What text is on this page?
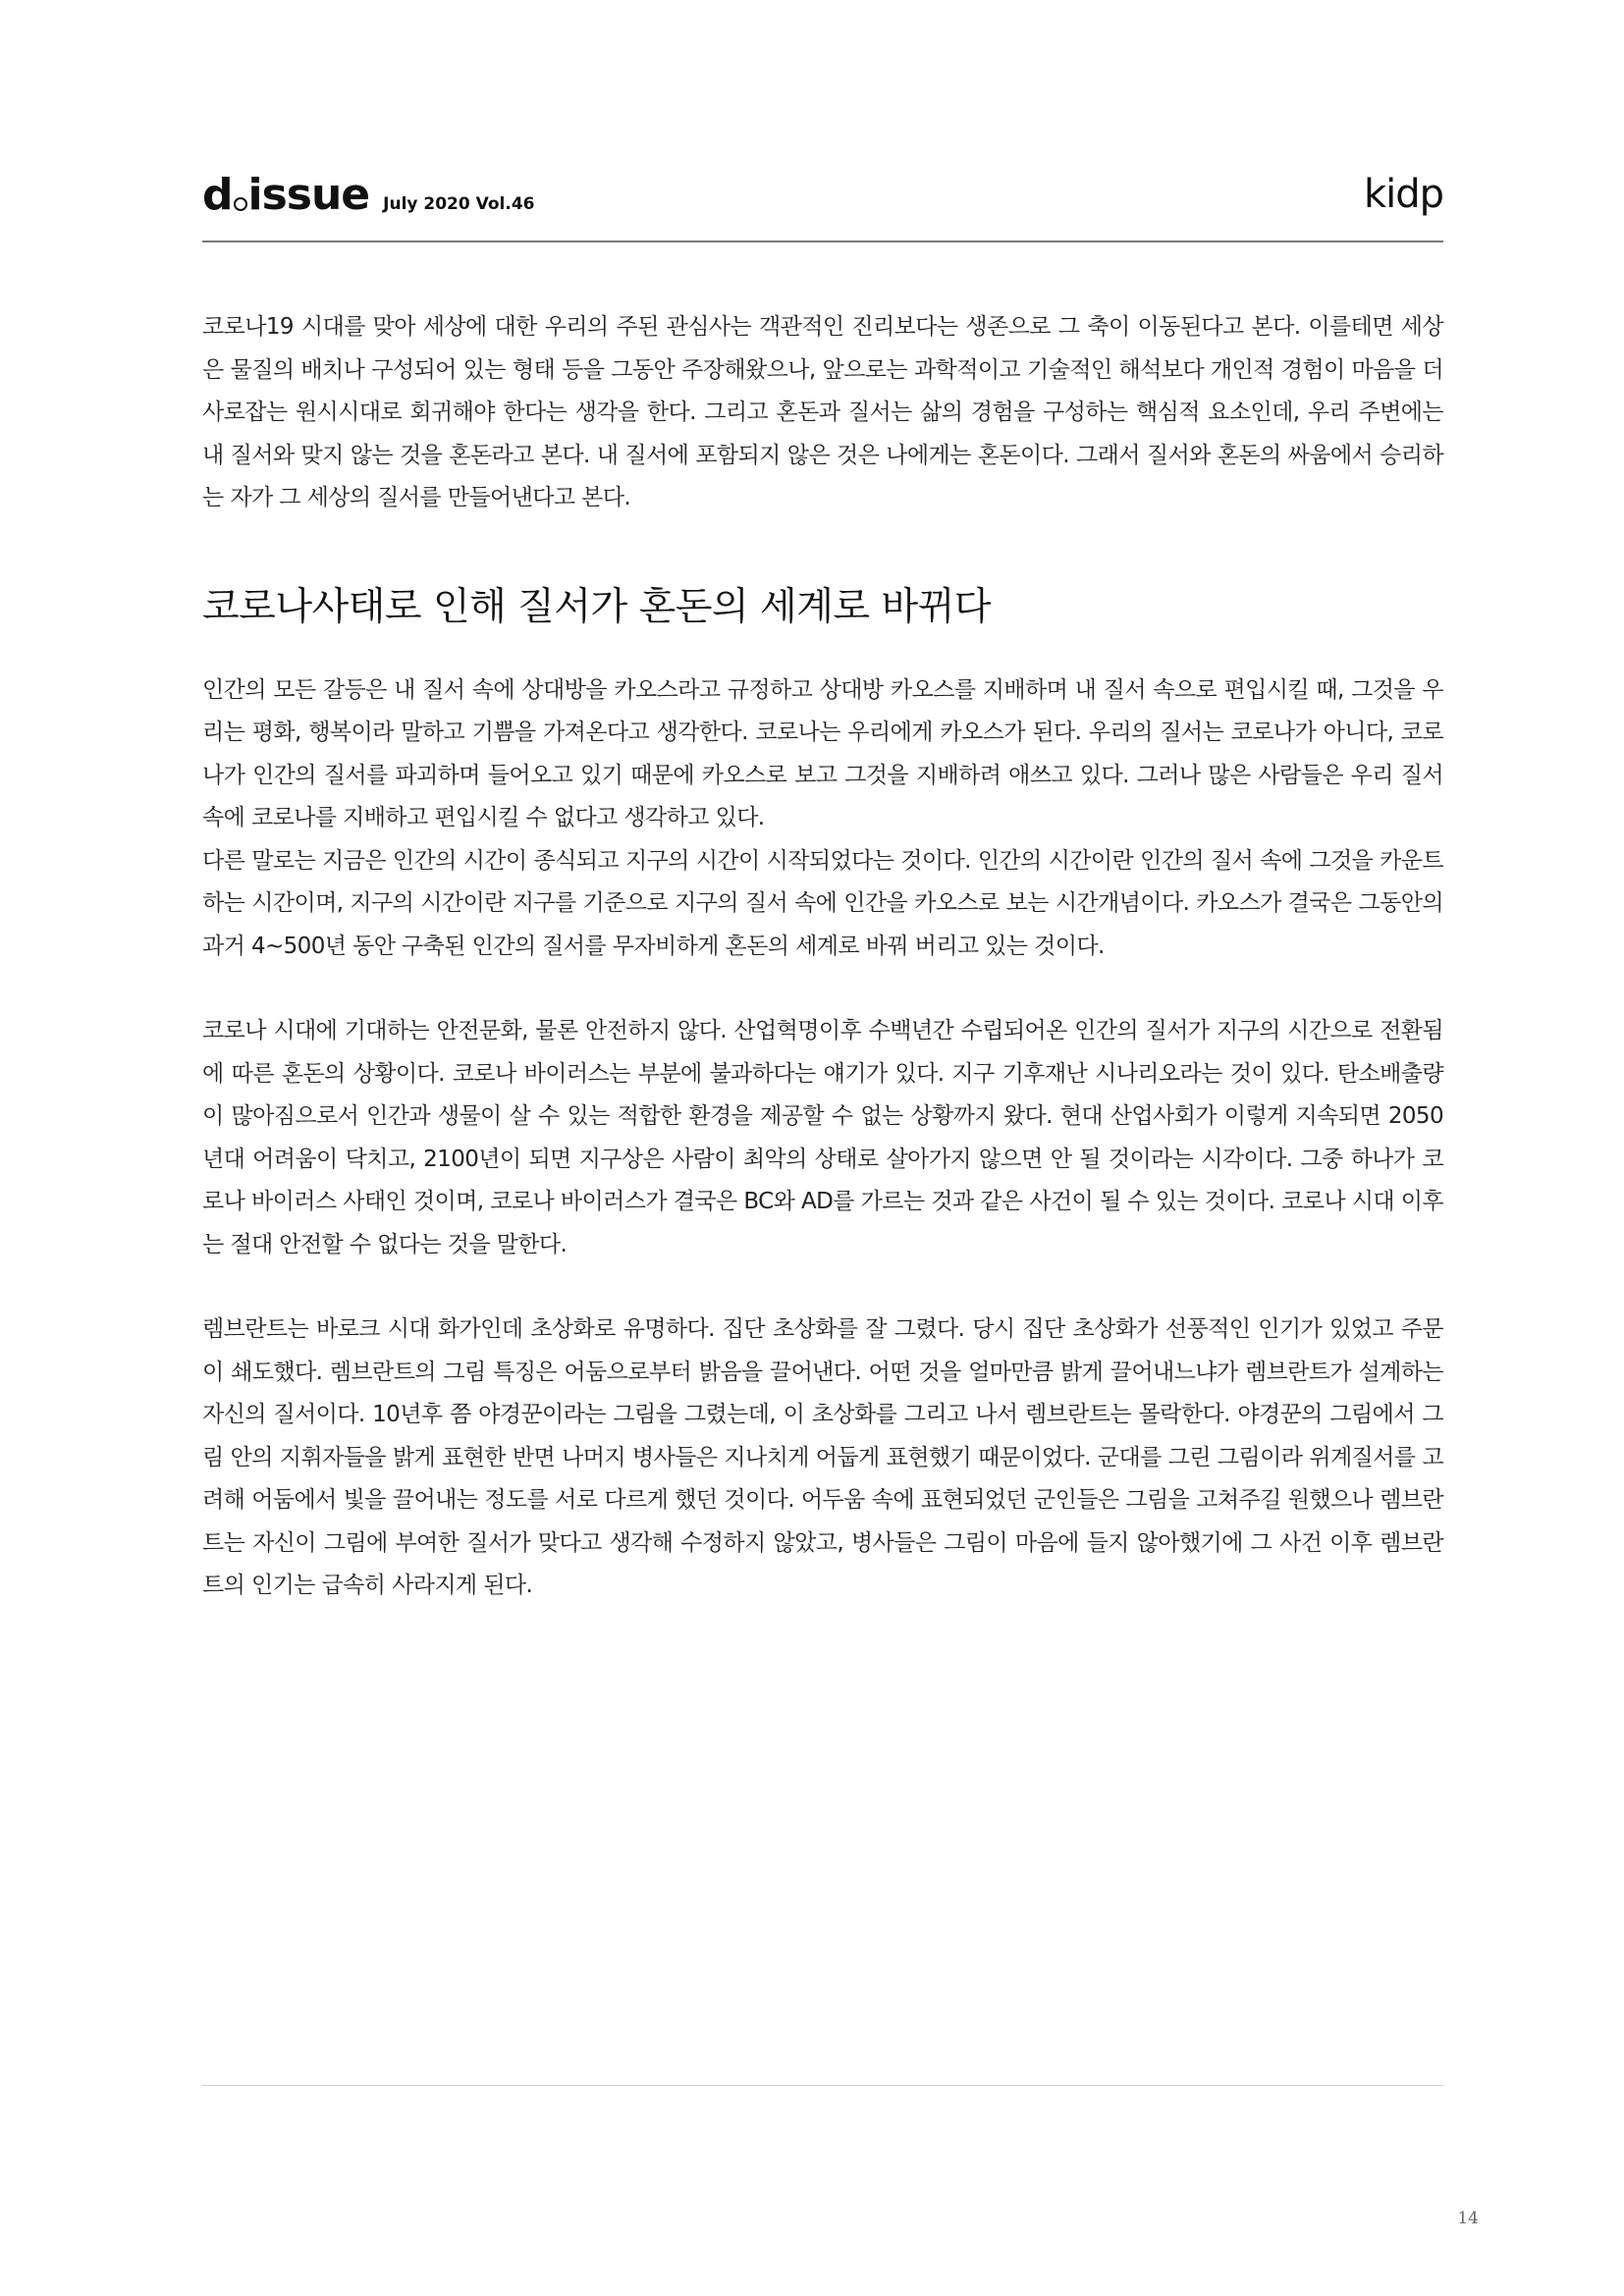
d issue July 2020 Vol.46	kidp

코로나19 시대를 맞아 세상에 대한 우리의 주된 관심사는 객관적인 진리보다는 생존으로 그 축이 이동된다고 본다. 이를테면 세상은 물질의 배치나 구성되어 있는 형태 등을 그동안 주장해왔으나, 앞으로는 과학적이고 기술적인 해석보다 개인적 경험이 마음을 더 사로잡는 원시시대로 회귀해야 한다는 생각을 한다. 그리고 혼돈과 질서는 삶의 경험을 구성하는 핵심적 요소인데, 우리 주변에는 내 질서와 맞지 않는 것을 혼돈라고 본다. 내 질서에 포함되지 않은 것은 나에게는 혼돈이다. 그래서 질서와 혼돈의 싸움에서 승리하는 자가 그 세상의 질서를 만들어낸다고 본다.

코로나사태로 인해 질서가 혼돈의 세계로 바뀌다

인간의 모든 갈등은 내 질서 속에 상대방을 카오스라고 규정하고 상대방 카오스를 지배하며 내 질서 속으로 편입시킬 때, 그것을 우리는 평화, 행복이라 말하고 기쁨을 가져온다고 생각한다. 코로나는 우리에게 카오스가 된다. 우리의 질서는 코로나가 아니다, 코로나가 인간의 질서를 파괴하며 들어오고 있기 때문에 카오스로 보고 그것을 지배하려 애쓰고 있다. 그러나 많은 사람들은 우리 질서 속에 코로나를 지배하고 편입시킬 수 없다고 생각하고 있다.

다른 말로는 지금은 인간의 시간이 종식되고 지구의 시간이 시작되었다는 것이다. 인간의 시간이란 인간의 질서 속에 그것을 카운트하는 시간이며, 지구의 시간이란 지구를 기준으로 지구의 질서 속에 인간을 카오스로 보는 시간개념이다. 카오스가 결국은 그동안의 과거 4~500년 동안 구축된 인간의 질서를 무자비하게 혼돈의 세계로 바꿔 버리고 있는 것이다.

코로나 시대에 기대하는 안전문화, 물론 안전하지 않다. 산업혁명이후 수백년간 수립되어온 인간의 질서가 지구의 시간으로 전환됨에 따른 혼돈의 상황이다. 코로나 바이러스는 부분에 불과하다는 얘기가 있다. 지구 기후재난 시나리오라는 것이 있다. 탄소배출량이 많아짐으로서 인간과 생물이 살 수 있는 적합한 환경을 제공할 수 없는 상황까지 왔다. 현대 산업사회가 이렇게 지속되면 2050년대 어려움이 닥치고, 2100년이 되면 지구상은 사람이 최악의 상태로 살아가지 않으면 안 될 것이라는 시각이다. 그중 하나가 코로나 바이러스 사태인 것이며, 코로나 바이러스가 결국은 BC와 AD를 가르는 것과 같은 사건이 될 수 있는 것이다. 코로나 시대 이후는 절대 안전할 수 없다는 것을 말한다.

렘브란트는 바로크 시대 화가인데 초상화로 유명하다. 집단 초상화를 잘 그렸다. 당시 집단 초상화가 선풍적인 인기가 있었고 주문이 쇄도했다. 렘브란트의 그림 특징은 어둠으로부터 밝음을 끌어낸다. 어떤 것을 얼마만큼 밝게 끌어내느냐가 렘브란트가 설계하는 자신의 질서이다. 10년후 쯤 야경꾼이라는 그림을 그렸는데, 이 초상화를 그리고 나서 렘브란트는 몰락한다. 야경꾼의 그림에서 그림 안의 지휘자들을 밝게 표현한 반면 나머지 병사들은 지나치게 어둡게 표현했기 때문이었다. 군대를 그린 그림이라 위계질서를 고려해 어둠에서 빛을 끌어내는 정도를 서로 다르게 했던 것이다. 어두움 속에 표현되었던 군인들은 그림을 고쳐주길 원했으나 렘브란트는 자신이 그림에 부여한 질서가 맞다고 생각해 수정하지 않았고, 병사들은 그림이 마음에 들지 않아했기에 그 사건 이후 렘브란트의 인기는 급속히 사라지게 된다.

14
